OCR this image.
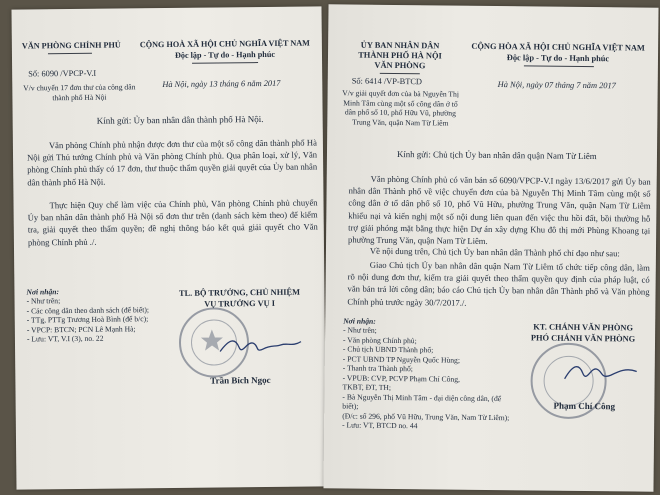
VĂN PHÒNG CHÍNH PHỦ	CỘNG HOÀ XÃ HỘI CHỦ NGHĨA VIỆT NAM
Độc lập - Tự do - Hạnh phúc
Số: 6090 /VPCP-V.I
Hà Nội, ngày 13 tháng 6 năm 2017
V/v chuyển 17 đơn thư của công dân thành phố Hà Nội
Kính gửi: Ủy ban nhân dân thành phố Hà Nội.
Văn phòng Chính phủ nhận được đơn thư của một số công dân thành phố Hà Nội gửi Thủ tướng Chính phủ và Văn phòng Chính phủ. Qua phân loại, xử lý, Văn phòng Chính phủ thấy có 17 đơn, thư thuộc thẩm quyền giải quyết của Ủy ban nhân dân thành phố Hà Nội.
Thực hiện Quy chế làm việc của Chính phủ, Văn phòng Chính phủ chuyển Ủy ban nhân dân thành phố Hà Nội số đơn thư trên (danh sách kèm theo) để kiểm tra, giải quyết theo thẩm quyền; đề nghị thông báo kết quả giải quyết cho Văn phòng Chính phủ ./.
Nơi nhận:
- Như trên;
- Các công dân theo danh sách (để biết);
- TTg, PTTg Trương Hoà Bình (để b/c);
- VPCP: BTCN; PCN Lê Mạnh Hà;
- Lưu: VT, V.I (3), no. 22
TL. BỘ TRƯỞNG, CHỦ NHIỆM
VỤ TRƯỞNG VỤ I
Trần Bích Ngọc
ỦY BAN NHÂN DÂN
THÀNH PHỐ HÀ NỘI
VĂN PHÒNG
CỘNG HÒA XÃ HỘI CHỦ NGHĨA VIỆT NAM
Độc lập - Tự do - Hạnh phúc
Số: 6414 /VP-BTCD	Hà Nội, ngày 07 tháng 7 năm 2017
V/v giải quyết đơn của bà Nguyễn Thị Minh Tâm cùng một số công dân ở tổ dân phố số 10, phố Hữu Vũ, phường Trung Văn, quận Nam Từ Liêm
Kính gửi: Chủ tịch Ủy ban nhân dân quận Nam Từ Liêm
Văn phòng Chính phủ có văn bản số 6090/VPCP-V.I ngày 13/6/2017 gửi Ủy ban nhân dân Thành phố về việc chuyển đơn của bà Nguyễn Thị Minh Tâm cùng một số công dân ở tổ dân phố số 10, phố Vũ Hữu, phường Trung Văn, quận Nam Từ Liêm khiếu nại và kiến nghị một số nội dung liên quan đến việc thu hồi đất, bồi thường hỗ trợ giải phóng mặt bằng thực hiện Dự án xây dựng Khu đô thị mới Phùng Khoang tại phường Trung Văn, quận Nam Từ Liêm.
Về nội dung trên, Chủ tịch Ủy ban nhân dân Thành phố chỉ đạo như sau:
Giao Chủ tịch Ủy ban nhân dân quận Nam Từ Liêm tổ chức tiếp công dân, làm rõ nội dung đơn thư, kiểm tra giải quyết theo thẩm quyền quy định của pháp luật, có văn bản trả lời công dân; báo cáo Chủ tịch Ủy ban nhân dân Thành phố và Văn phòng Chính phủ trước ngày 30/7/2017./.
Nơi nhận:
- Như trên;
- Văn phòng Chính phủ;
- Chủ tịch UBND Thành phố;
- PCT UBND TP Nguyễn Quốc Hùng;
- Thanh tra Thành phố;
- VPUB: CVP, PCVP Phạm Chí Công,
TKBT, ĐT, TH;
- Bà Nguyễn Thị Minh Tâm - đại diện công dân, (để biết);
(Đ/c: số 296, phố Vũ Hữu, Trung Văn, Nam Từ Liêm);
- Lưu: VT, BTCD no. 44
KT. CHÁNH VĂN PHÒNG
PHÓ CHÁNH VĂN PHÒNG
Phạm Chí Công
